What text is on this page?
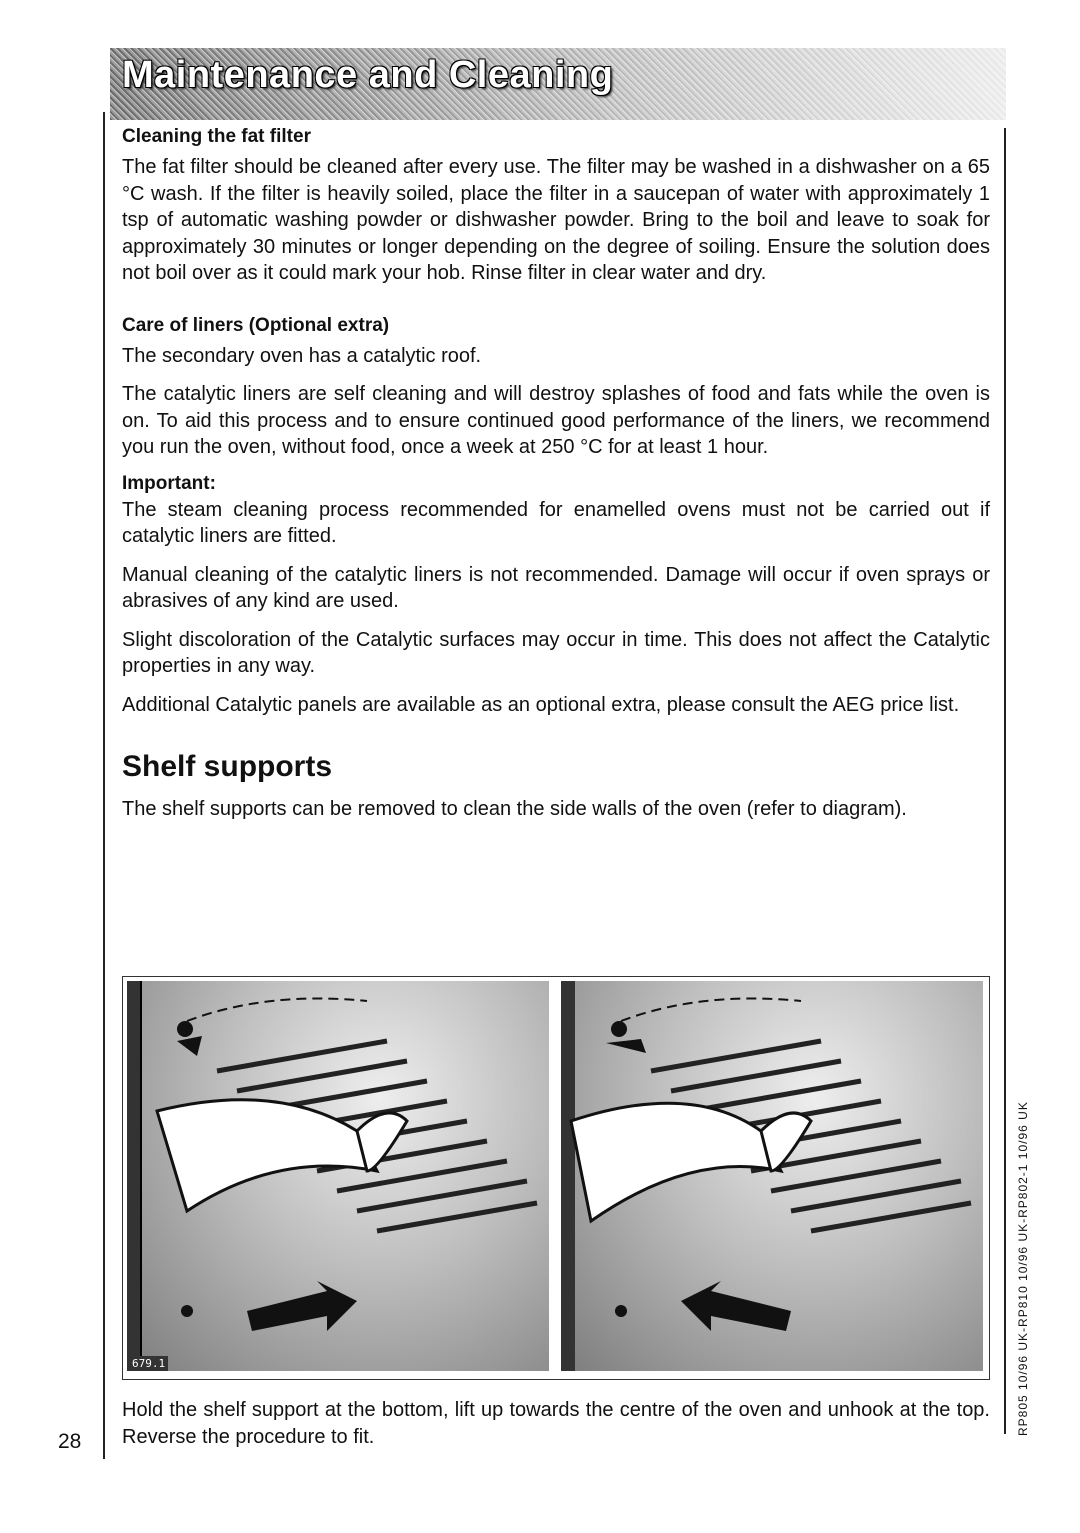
Maintenance and Cleaning
Cleaning the fat filter

The fat filter should be cleaned after every use. The filter may be washed in a dishwasher on a 65 °C wash. If the filter is heavily soiled, place the filter in a saucepan of water with approximately 1 tsp of automatic washing powder or dishwasher powder. Bring to the boil and leave to soak for approximately 30 minutes or longer depending on the degree of soiling. Ensure the solution does not boil over as it could mark your hob. Rinse filter in clear water and dry.

Care of liners (Optional extra)

The secondary oven has a catalytic roof.

The catalytic liners are self cleaning and will destroy splashes of food and fats while the oven is on. To aid this process and to ensure continued good performance of the liners, we recommend you run the oven, without food, once a week at 250 °C for at least 1 hour.

Important:

The steam cleaning process recommended for enamelled ovens must not be carried out if catalytic liners are fitted.

Manual cleaning of the catalytic liners is not recommended. Damage will occur if oven sprays or abrasives of any kind are used.

Slight discoloration of the Catalytic surfaces may occur in time. This does not affect the Catalytic properties in any way.

Additional Catalytic panels are available as an optional extra, please consult the AEG price list.

Shelf supports

The shelf supports can be removed to clean the side walls of the oven (refer to diagram).

679.1

Hold the shelf support at the bottom, lift up towards the centre of the oven and unhook at the top. Reverse the procedure to fit.

28
RP805 10/96 UK-RP810 10/96 UK-RP802-1 10/96 UK
